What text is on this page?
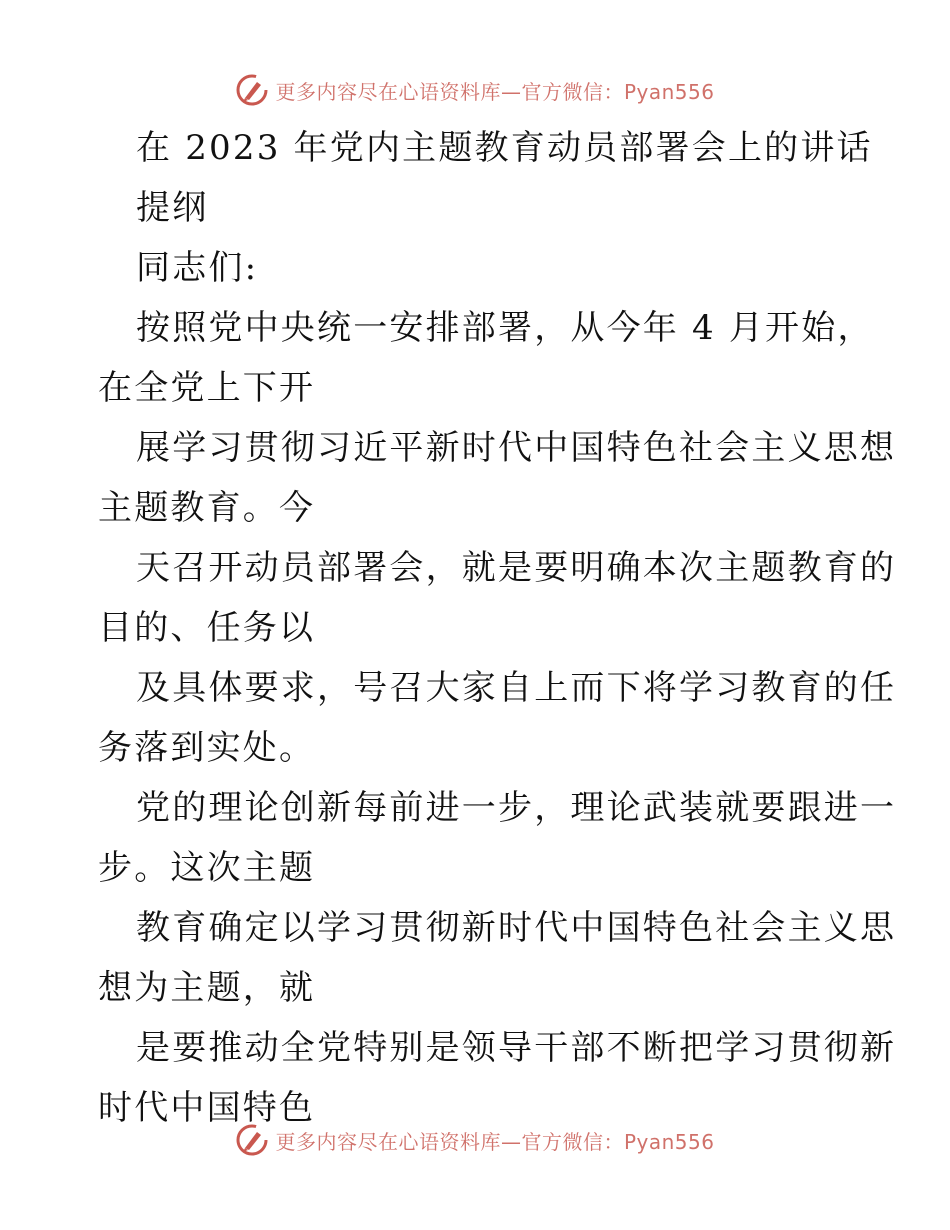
更多内容尽在心语资料库—官方微信：Pyan556
在 2023 年党内主题教育动员部署会上的讲话
提纲
同志们:
按照党中央统一安排部署，从今年 4 月开始，
在全党上下开
展学习贯彻习近平新时代中国特色社会主义思想
主题教育。今
天召开动员部署会，就是要明确本次主题教育的
目的、任务以
及具体要求，号召大家自上而下将学习教育的任
务落到实处。
党的理论创新每前进一步，理论武装就要跟进一
步。这次主题
教育确定以学习贯彻新时代中国特色社会主义思
想为主题，就
是要推动全党特别是领导干部不断把学习贯彻新
时代中国特色
更多内容尽在心语资料库—官方微信：Pyan556
